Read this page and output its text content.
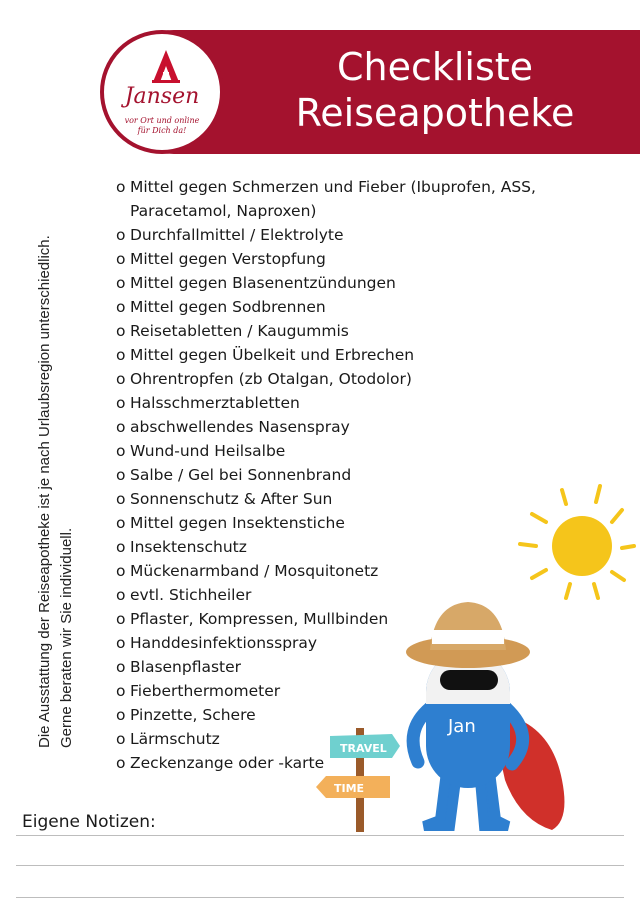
Checkliste
Reiseapotheke
Jansen
vor Ort und online
für Dich da!
Die Ausstattung der Reiseapotheke ist je nach Urlaubsregion unterschiedlich. Gerne beraten wir Sie individuell.
o Mittel gegen Schmerzen und Fieber (Ibuprofen, ASS,
Paracetamol, Naproxen)
o Durchfallmittel / Elektrolyte
o Mittel gegen Verstopfung
o Mittel gegen Blasenentzündungen
o Mittel gegen Sodbrennen
o Reisetabletten / Kaugummis
o Mittel gegen Übelkeit und Erbrechen
o Ohrentropfen (zb Otalgan, Otodolor)
o Halsschmerztabletten
o abschwellendes Nasenspray
o Wund-und Heilsalbe
o Salbe / Gel bei Sonnenbrand
o Sonnenschutz & After Sun
o Mittel gegen Insektenstiche
o Insektenschutz
o Mückenarmband / Mosquitonetz
o evtl. Stichheiler
o Pflaster, Kompressen, Mullbinden
o Handdesinfektionsspray
o Blasenpflaster
o Fieberthermometer
o Pinzette, Schere
o Lärmschutz
o Zeckenzange oder -karte
TRAVEL
TIME
Jan
Eigene Notizen:
